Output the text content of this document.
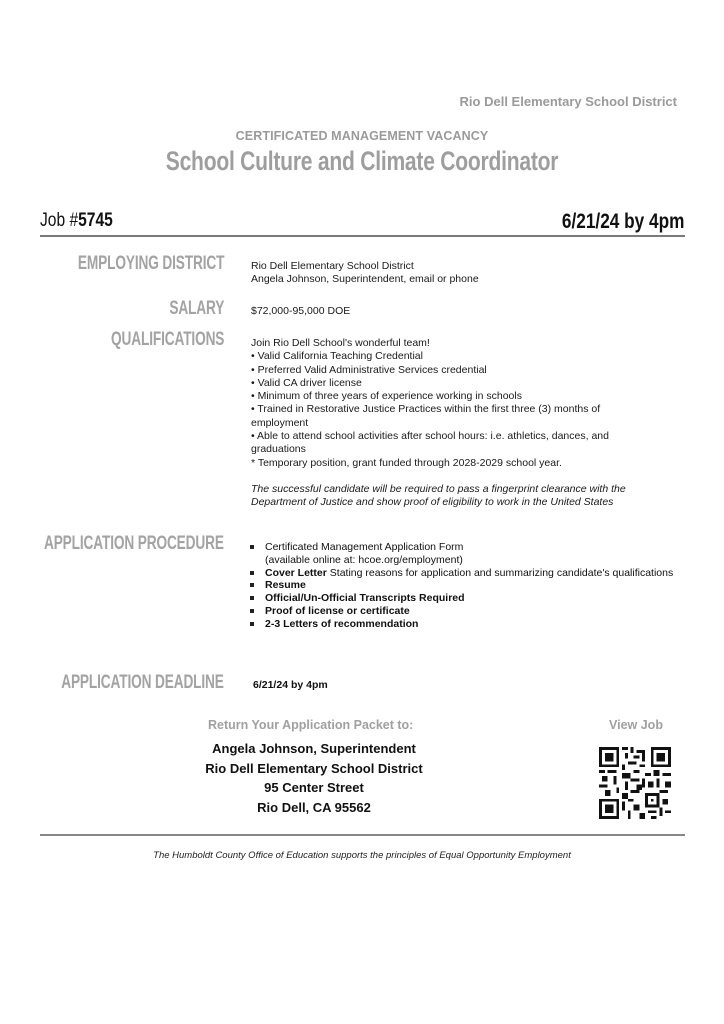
Rio Dell Elementary School District
CERTIFICATED MANAGEMENT VACANCY
School Culture and Climate Coordinator
Job #5745	6/21/24 by 4pm
EMPLOYING DISTRICT	Rio Dell Elementary School District

Angela Johnson, Superintendent, email or phone

SALARY	$72,000-95,000 DOE
QUALIFICATIONS	Join Rio Dell School's wonderful team!

• Valid California Teaching Credential

• Preferred Valid Administrative Services credential

• Valid CA driver license

• Minimum of three years of experience working in schools

• Trained in Restorative Justice Practices within the first three (3) months of employment

• Able to attend school activities after school hours: i.e. athletics, dances, and graduations

* Temporary position, grant funded through 2028-2029 school year.

The successful candidate will be required to pass a fingerprint clearance with the Department of Justice and show proof of eligibility to work in the United States

APPLICATION PROCEDURE	Certificated Management Application Form
(available online at: hcoe.org/employment)
Cover Letter Stating reasons for application and summarizing candidate's qualifications
Resume
Official/Un-Official Transcripts Required
Proof of license or certificate
2-3 Letters of recommendation
APPLICATION DEADLINE	6/21/24 by 4pm
Return Your Application Packet to:
Angela Johnson, Superintendent
Rio Dell Elementary School District
95 Center Street
Rio Dell, CA 95562
View Job
The Humboldt County Office of Education supports the principles of Equal Opportunity Employment
